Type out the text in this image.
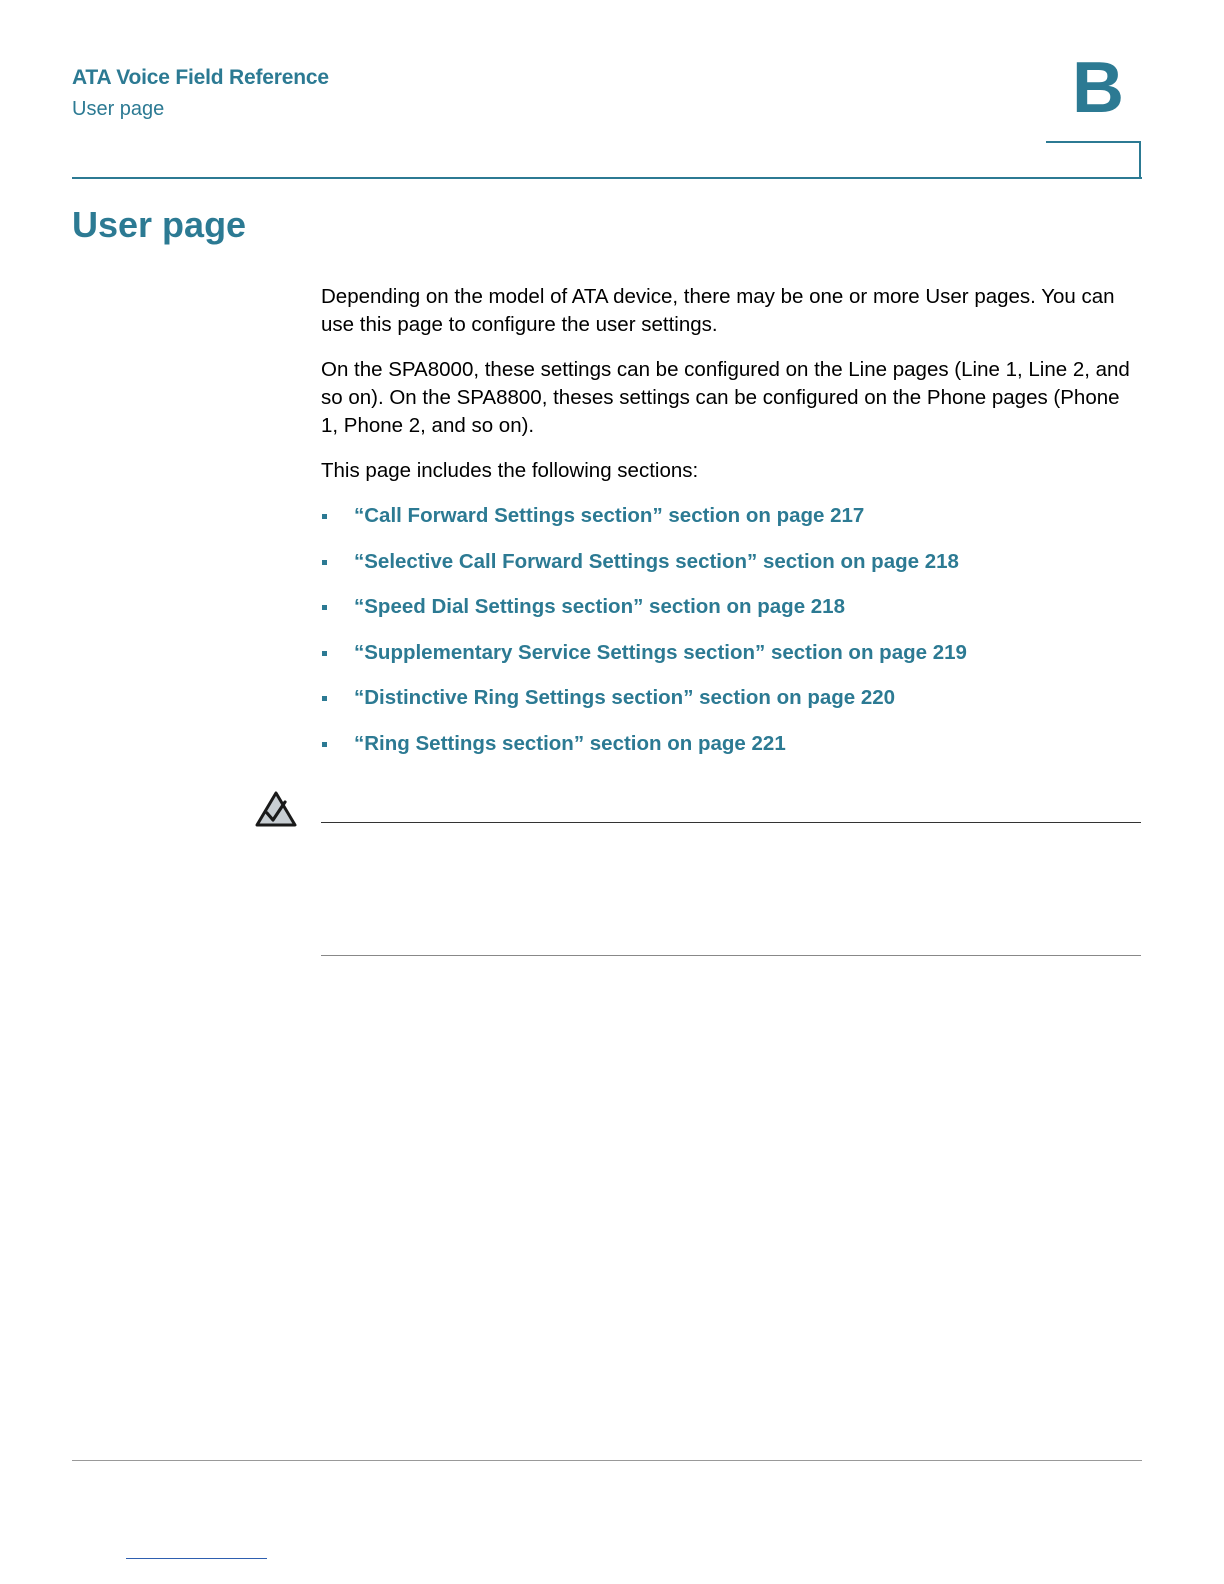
ATA Voice Field Reference
User page	B
User page

Depending on the model of ATA device, there may be one or more User pages. You can use this page to configure the user settings.

On the SPA8000, these settings can be configured on the Line pages (Line 1, Line 2, and so on). On the SPA8800, theses settings can be configured on the Phone pages (Phone 1, Phone 2, and so on).

This page includes the following sections:

“Call Forward Settings section” section on page 217
“Selective Call Forward Settings section” section on page 218
“Speed Dial Settings section” section on page 218
“Supplementary Service Settings section” section on page 219
“Distinctive Ring Settings section” section on page 220
“Ring Settings section” section on page 221
